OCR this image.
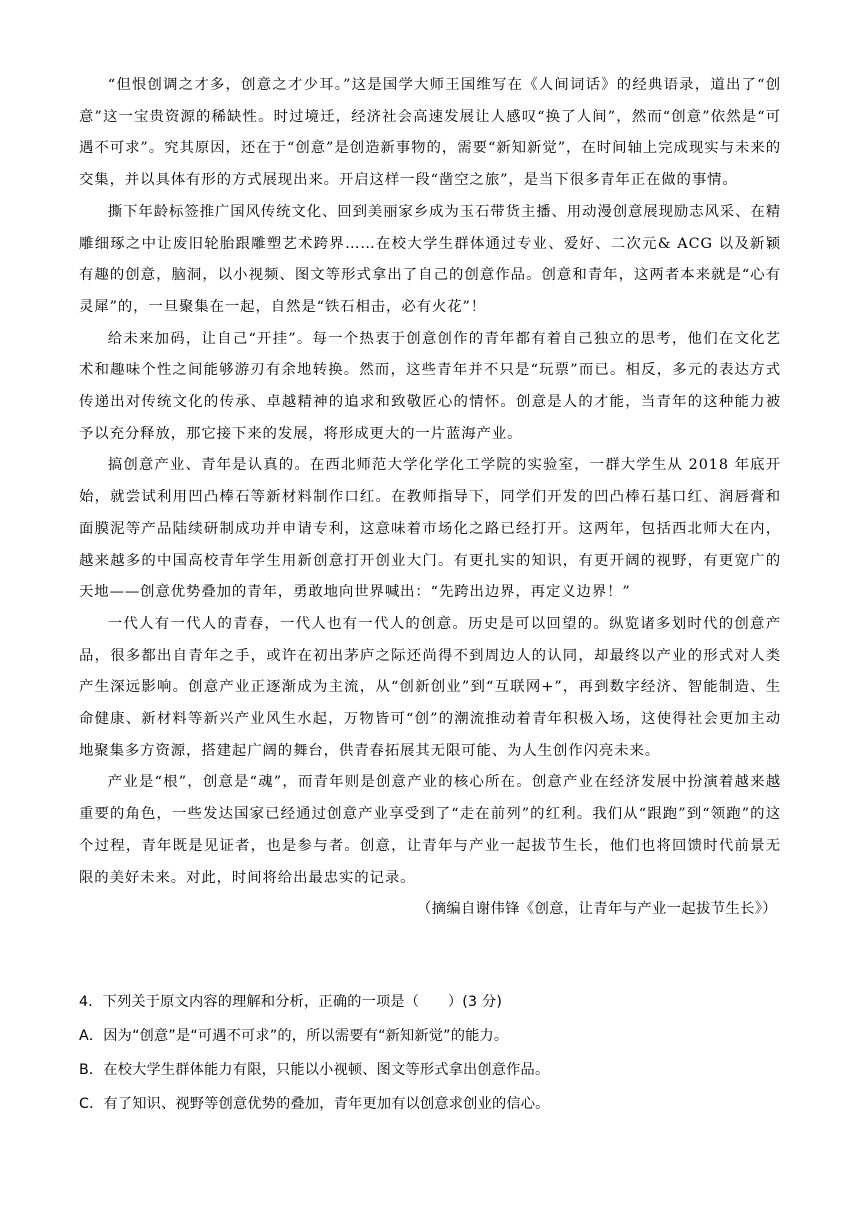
“但恨创调之才多，创意之才少耳。”这是国学大师王国维写在《人间词话》的经典语录，道出了“创意”这一宝贵资源的稀缺性。时过境迁，经济社会高速发展让人感叹“换了人间”，然而“创意”依然是“可遇不可求”。究其原因，还在于“创意”是创造新事物的，需要“新知新觉”，在时间轴上完成现实与未来的交集，并以具体有形的方式展现出来。开启这样一段“凿空之旅”，是当下很多青年正在做的事情。

撕下年龄标签推广国风传统文化、回到美丽家乡成为玉石带货主播、用动漫创意展现励志风采、在精雕细琢之中让废旧轮胎跟雕塑艺术跨界……在校大学生群体通过专业、爱好、二次元& ACG 以及新颖有趣的创意，脑洞，以小视频、图文等形式拿出了自己的创意作品。创意和青年，这两者本来就是“心有灵犀”的，一旦聚集在一起，自然是“铁石相击，必有火花”！

给未来加码，让自己“开挂”。每一个热衷于创意创作的青年都有着自己独立的思考，他们在文化艺术和趣味个性之间能够游刃有余地转换。然而，这些青年并不只是“玩票”而已。相反，多元的表达方式传递出对传统文化的传承、卓越精神的追求和致敬匠心的情怀。创意是人的才能，当青年的这种能力被予以充分释放，那它接下来的发展，将形成更大的一片蓝海产业。

搞创意产业、青年是认真的。在西北师范大学化学化工学院的实验室，一群大学生从 2018 年底开始，就尝试利用凹凸棒石等新材料制作口红。在教师指导下，同学们开发的凹凸棒石基口红、润唇膏和面膜泥等产品陆续研制成功并申请专利，这意味着市场化之路已经打开。这两年，包括西北师大在内，越来越多的中国高校青年学生用新创意打开创业大门。有更扎实的知识，有更开阔的视野，有更宽广的天地——创意优势叠加的青年，勇敢地向世界喊出：“先跨出边界，再定义边界！”

一代人有一代人的青春，一代人也有一代人的创意。历史是可以回望的。纵览诸多划时代的创意产品，很多都出自青年之手，或许在初出茅庐之际还尚得不到周边人的认同，却最终以产业的形式对人类产生深远影响。创意产业正逐渐成为主流，从“创新创业”到“互联网+”，再到数字经济、智能制造、生命健康、新材料等新兴产业风生水起，万物皆可“创”的潮流推动着青年积极入场，这使得社会更加主动地聚集多方资源，搭建起广阔的舞台，供青春拓展其无限可能、为人生创作闪亮未来。

产业是“根”，创意是“魂”，而青年则是创意产业的核心所在。创意产业在经济发展中扮演着越来越重要的角色，一些发达国家已经通过创意产业享受到了“走在前列”的红利。我们从“跟跑”到“领跑”的这个过程，青年既是见证者，也是参与者。创意，让青年与产业一起拔节生长，他们也将回馈时代前景无限的美好未来。对此，时间将给出最忠实的记录。

（摘编自谢伟锋《创意，让青年与产业一起拔节生长》）

4．下列关于原文内容的理解和分析，正确的一项是（　　）(3 分)

A．因为“创意”是“可遇不可求”的，所以需要有“新知新觉”的能力。

B．在校大学生群体能力有限，只能以小视顿、图文等形式拿出创意作品。

C．有了知识、视野等创意优势的叠加，青年更加有以创意求创业的信心。
